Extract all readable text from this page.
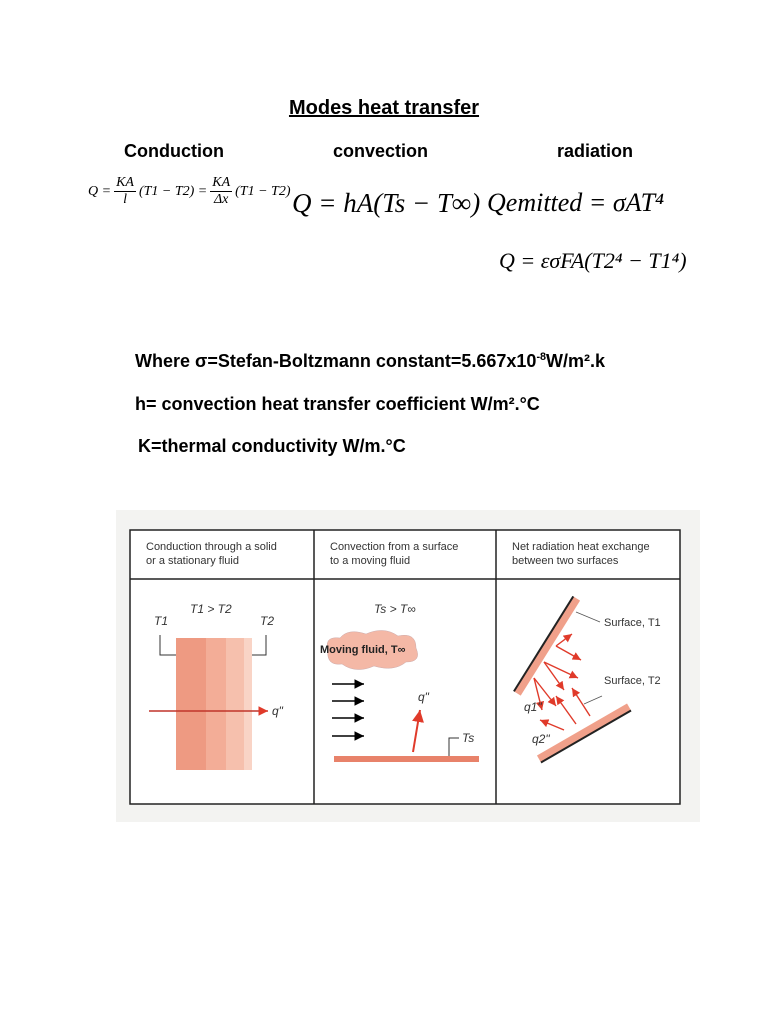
Modes heat transfer
Conduction	convection	radiation
$Q = \frac{KA}{l} (T1 - T2) = \frac{KA}{\Delta x} (T1 - T2) Q = hA(Ts - T\infty)$ Qemitted = σAT⁴
Q = εσFA(T2⁴ − T1⁴)
Where σ=Stefan-Boltzmann $constant=5.667x10^{-8}W/m^2.k$
h= convection heat transfer coefficient W/m².°C
K=thermal conductivity W/m.°C
Conduction through a solid
or a stationary fluid
Convection from a surface
to a moving fluid
Net radiation heat exchange
between two surfaces
T1 > T2
T1	T2
q"
Ts > T∞
Moving fluid, T∞
q"
Ts
Surface, T1
Surface, T2
q1"
q2"
